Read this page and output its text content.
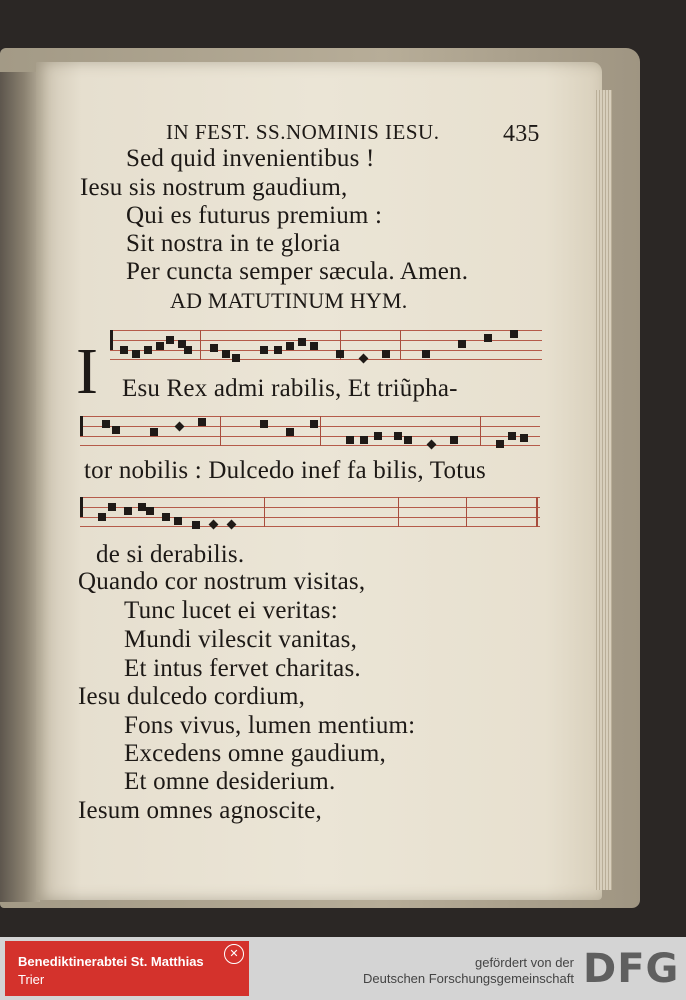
IN FEST. SS.NOMINIS IESU.	435
Sed quid invenientibus !
Iesu sis nostrum gaudium,
Qui es futurus premium :
Sit nostra in te gloria
Per cuncta semper sæcula. Amen.
AD MATUTINUM HYM.
I Esu Rex admi rabilis, Et triũpha-
tor nobilis : Dulcedo inef fa bilis, Totus
de si derabilis.
Quando cor nostrum visitas,
Tunc lucet ei veritas:
Mundi vilescit vanitas,
Et intus fervet charitas.
Iesu dulcedo cordium,
Fons vivus, lumen mentium:
Excedens omne gaudium,
Et omne desiderium.
Iesum omnes agnoscite,
Benediktinerabtei St. Matthias
Trier
✕
gefördert von der
Deutschen Forschungsgemeinschaft DFG
